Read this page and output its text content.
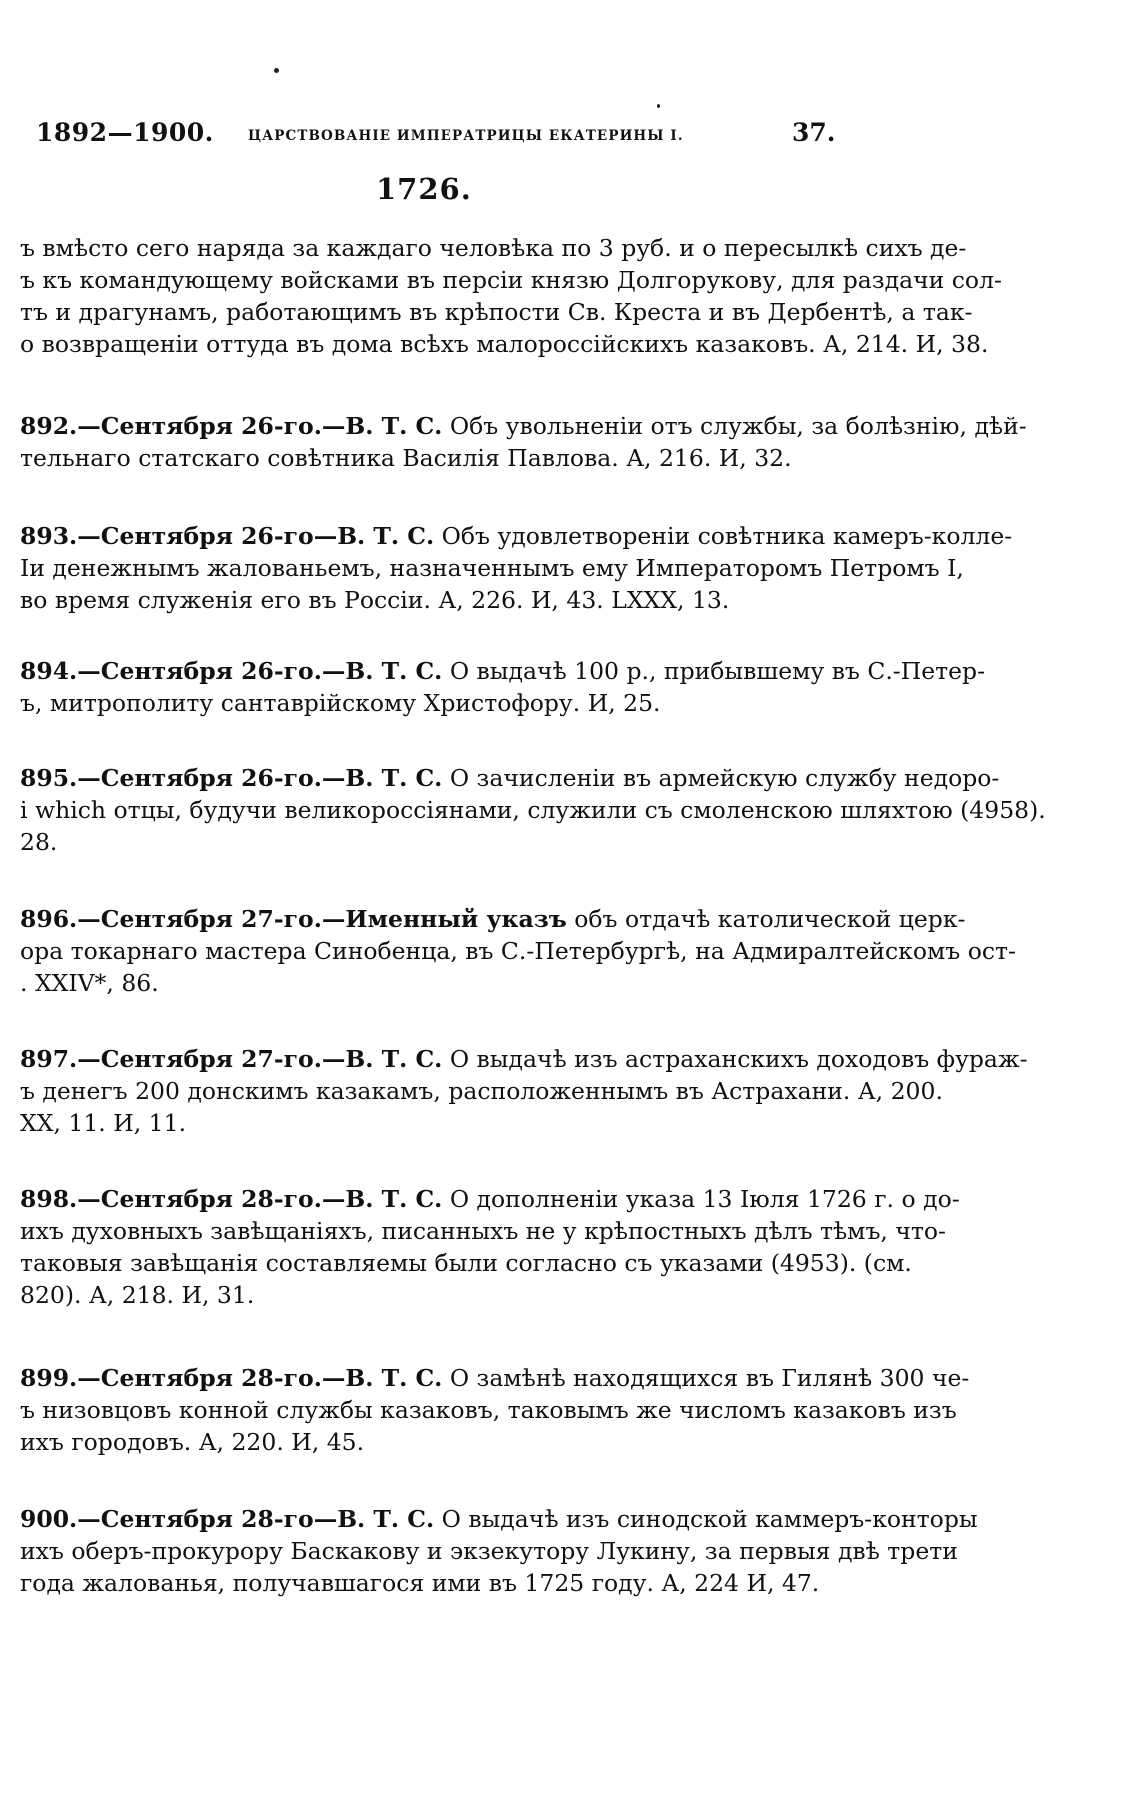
1892—1900.	ЦАРСТВОВАНІЕ ИМПЕРАТРИЦЫ ЕКАТЕРИНЫ I.	37.
1726.
ъ вмѣсто сего наряда за каждаго человѣка по 3 руб. и о пересылкѣ сихъ де-
ъ къ командующему войсками въ персіи князю Долгорукову, для раздачи сол-
тъ и драгунамъ, работающимъ въ крѣпости Св. Креста и въ Дербентѣ, а так-
о возвращеніи оттуда въ дома всѣхъ малороссійскихъ казаковъ. А, 214. И, 38.
892.—Сентября 26-го.—В. Т. С. Объ увольненіи отъ службы, за болѣзнію, дѣй-
тельнаго статскаго совѣтника Василія Павлова. А, 216. И, 32.
893.—Сентября 26-го—В. Т. С. Объ удовлетвореніи совѣтника камеръ-колле-
Іи денежнымъ жалованьемъ, назначеннымъ ему Императоромъ Петромъ I,
во время служенія его въ Россіи. А, 226. И, 43. LXXX, 13.
894.—Сентября 26-го.—В. Т. С. О выдачѣ 100 р., прибывшему въ С.-Петер-
ъ, митрополиту сантаврійскому Христофору. И, 25.
895.—Сентября 26-го.—В. Т. С. О зачисленіи въ армейскую службу недоро-
і which отцы, будучи великороссіянами, служили съ смоленскою шляхтою (4958).
28.
896.—Сентября 27-го.—Именный указъ объ отдачѣ католической церк-
ора токарнаго мастера Синобенца, въ С.-Петербургѣ, на Адмиралтейскомъ ост-
. XXIV*, 86.
897.—Сентября 27-го.—В. Т. С. О выдачѣ изъ астраханскихъ доходовъ фураж-
ъ денегъ 200 донскимъ казакамъ, расположеннымъ въ Астрахани. А, 200.
XX, 11. И, 11.
898.—Сентября 28-го.—В. Т. С. О дополненіи указа 13 Іюля 1726 г. о до-
ихъ духовныхъ завѣщаніяхъ, писанныхъ не у крѣпостныхъ дѣлъ тѣмъ, что-
таковыя завѣщанія составляемы были согласно съ указами (4953). (см.
820). А, 218. И, 31.
899.—Сентября 28-го.—В. Т. С. О замѣнѣ находящихся въ Гилянѣ 300 че-
ъ низовцовъ конной службы казаковъ, таковымъ же числомъ казаковъ изъ
ихъ городовъ. А, 220. И, 45.
900.—Сентября 28-го—В. Т. С. О выдачѣ изъ синодской каммеръ-конторы
ихъ оберъ-прокурору Баскакову и экзекутору Лукину, за первыя двѣ трети
года жалованья, получавшагося ими въ 1725 году. А, 224 И, 47.
